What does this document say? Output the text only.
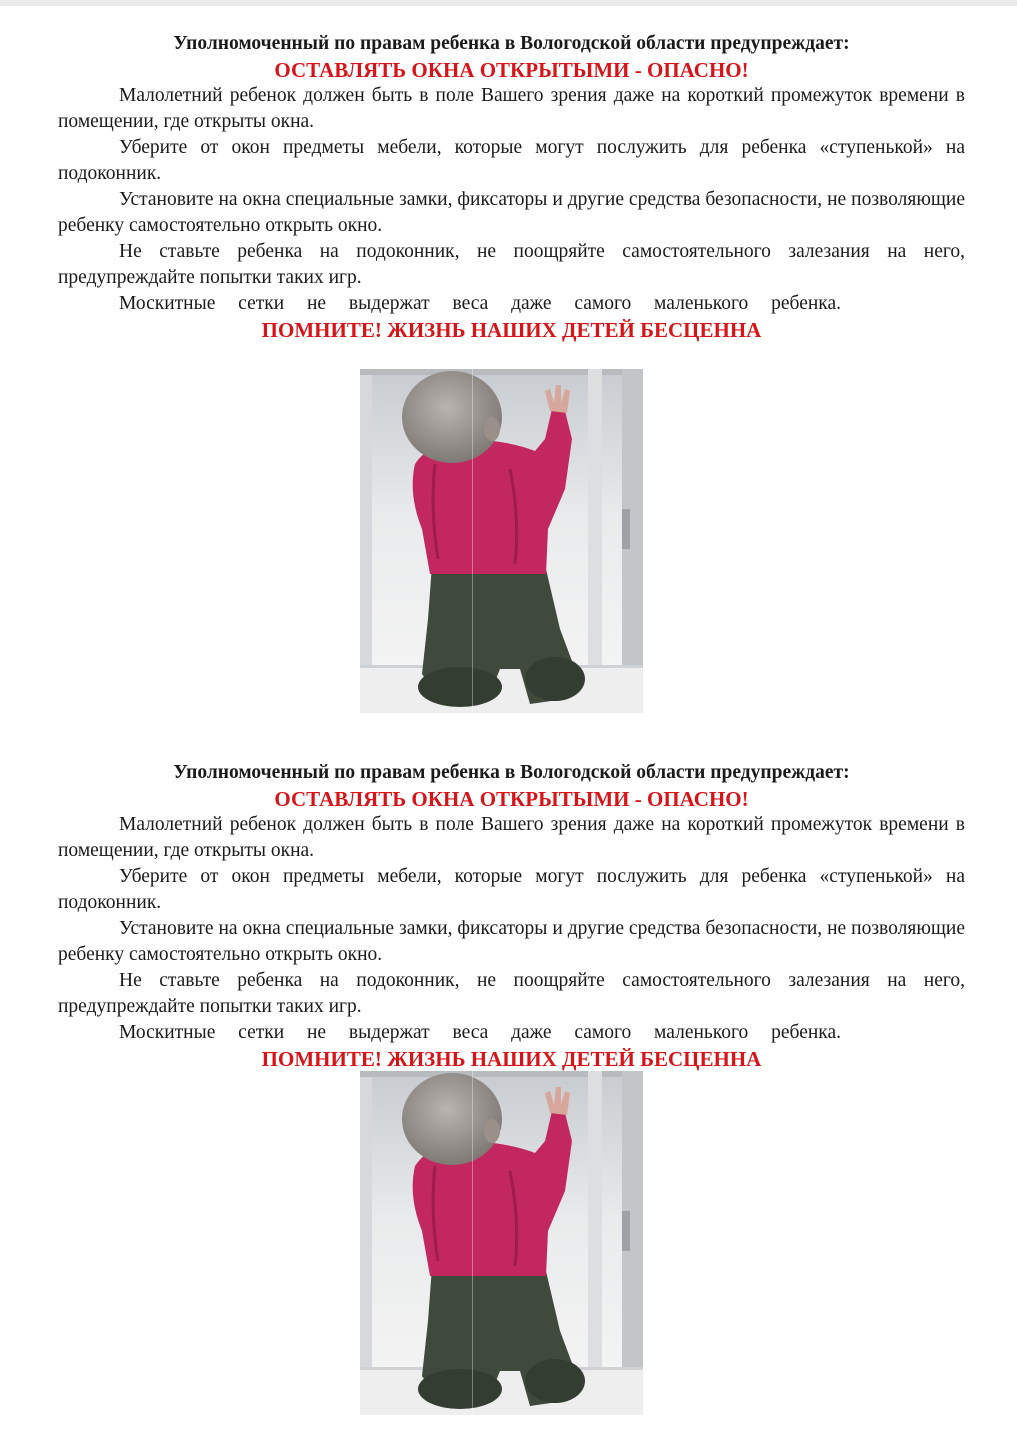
Уполномоченный по правам ребенка в Вологодской области предупреждает:

ОСТАВЛЯТЬ ОКНА ОТКРЫТЫМИ - ОПАСНО!

Малолетний ребенок должен быть в поле Вашего зрения даже на короткий промежуток времени в помещении, где открыты окна.

Уберите от окон предметы мебели, которые могут послужить для ребенка «ступенькой» на подоконник.

Установите на окна специальные замки, фиксаторы и другие средства безопасности, не позволяющие ребенку самостоятельно открыть окно.

Не ставьте ребенка на подоконник, не поощряйте самостоятельного залезания на него, предупреждайте попытки таких игр.

Москитные сетки не выдержат веса даже самого маленького ребенка.

ПОМНИТЕ! ЖИЗНЬ НАШИХ ДЕТЕЙ БЕСЦЕННА

Уполномоченный по правам ребенка в Вологодской области предупреждает:

ОСТАВЛЯТЬ ОКНА ОТКРЫТЫМИ - ОПАСНО!

Малолетний ребенок должен быть в поле Вашего зрения даже на короткий промежуток времени в помещении, где открыты окна.

Уберите от окон предметы мебели, которые могут послужить для ребенка «ступенькой» на подоконник.

Установите на окна специальные замки, фиксаторы и другие средства безопасности, не позволяющие ребенку самостоятельно открыть окно.

Не ставьте ребенка на подоконник, не поощряйте самостоятельного залезания на него, предупреждайте попытки таких игр.

Москитные сетки не выдержат веса даже самого маленького ребенка.

ПОМНИТЕ! ЖИЗНЬ НАШИХ ДЕТЕЙ БЕСЦЕННА
